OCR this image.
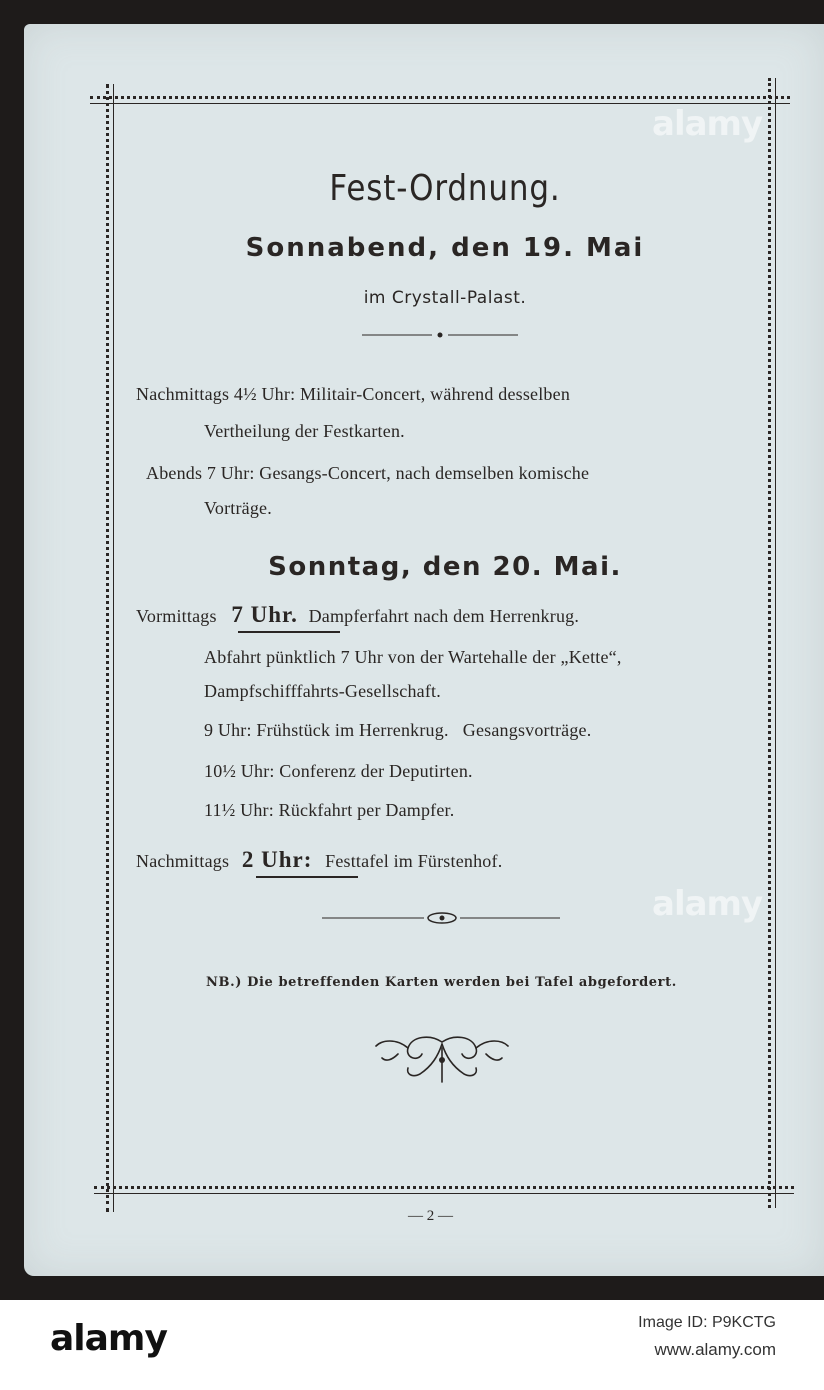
alamy
alamy
Fest-Ordnung.
Sonnabend, den 19. Mai
im Crystall-Palast.
Nachmittags 4½ Uhr: Militair-Concert, während desselben
Vertheilung der Festkarten.
Abends 7 Uhr: Gesangs-Concert, nach demselben komische
Vorträge.
Sonntag, den 20. Mai.
Vormittags 7 Uhr. Dampferfahrt nach dem Herrenkrug.
Abfahrt pünktlich 7 Uhr von der Wartehalle der „Kette“,
Dampfschifffahrts-Gesellschaft.
9 Uhr: Frühstück im Herrenkrug.   Gesangsvorträge.
10½ Uhr: Conferenz der Deputirten.
11½ Uhr: Rückfahrt per Dampfer.
Nachmittags 2 Uhr: Festtafel im Fürstenhof.
NB.) Die betreffenden Karten werden bei Tafel abgefordert.
— 2 —
alamy	Image ID: P9KCTG
www.alamy.com
